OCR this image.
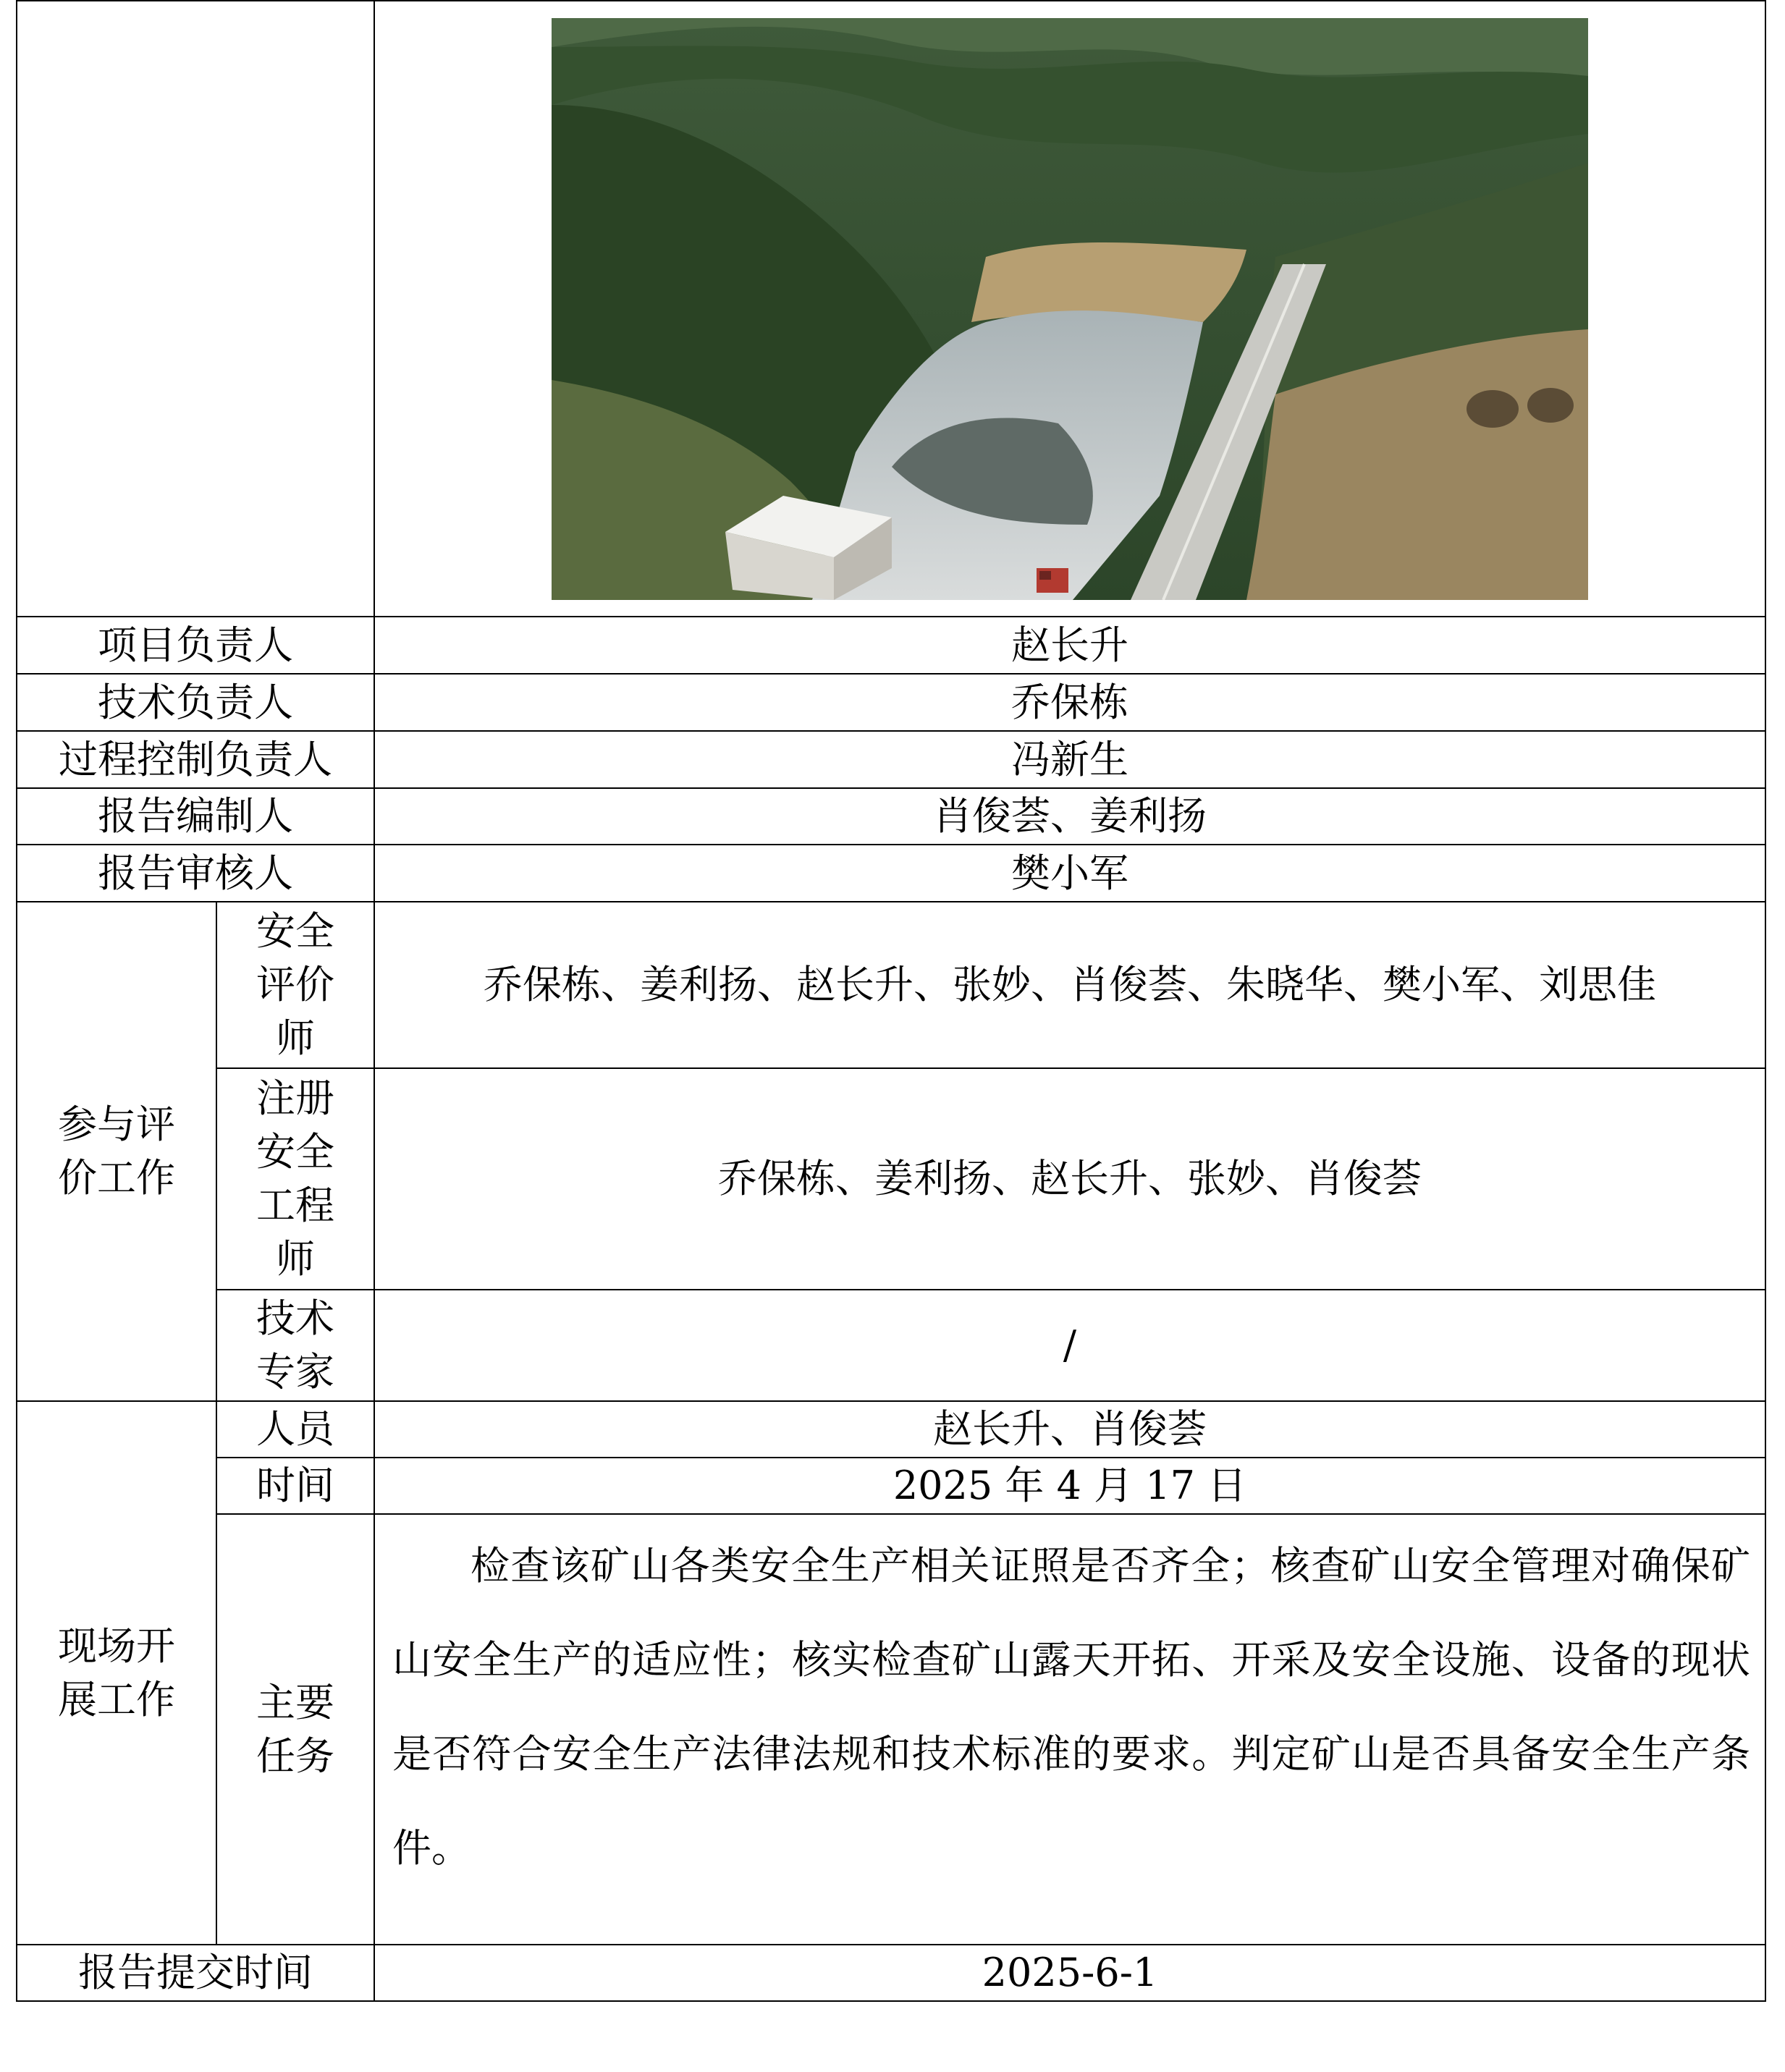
项目负责人		赵长升
技术负责人		乔保栋
过程控制负责人		冯新生
报告编制人		肖俊荟、姜利扬
报告审核人		樊小军
参与评价工作	安全评价师	乔保栋、姜利扬、赵长升、张妙、肖俊荟、朱晓华、樊小军、刘思佳
	注册安全工程师	乔保栋、姜利扬、赵长升、张妙、肖俊荟
	技术专家	/
现场开展工作	人员	赵长升、肖俊荟
	时间	2025 年 4 月 17 日
	主要任务	检查该矿山各类安全生产相关证照是否齐全；核查矿山安全管理对确保矿山安全生产的适应性；核实检查矿山露天开拓、开采及安全设施、设备的现状是否符合安全生产法律法规和技术标准的要求。判定矿山是否具备安全生产条件。

报告提交时间		2025-6-1
